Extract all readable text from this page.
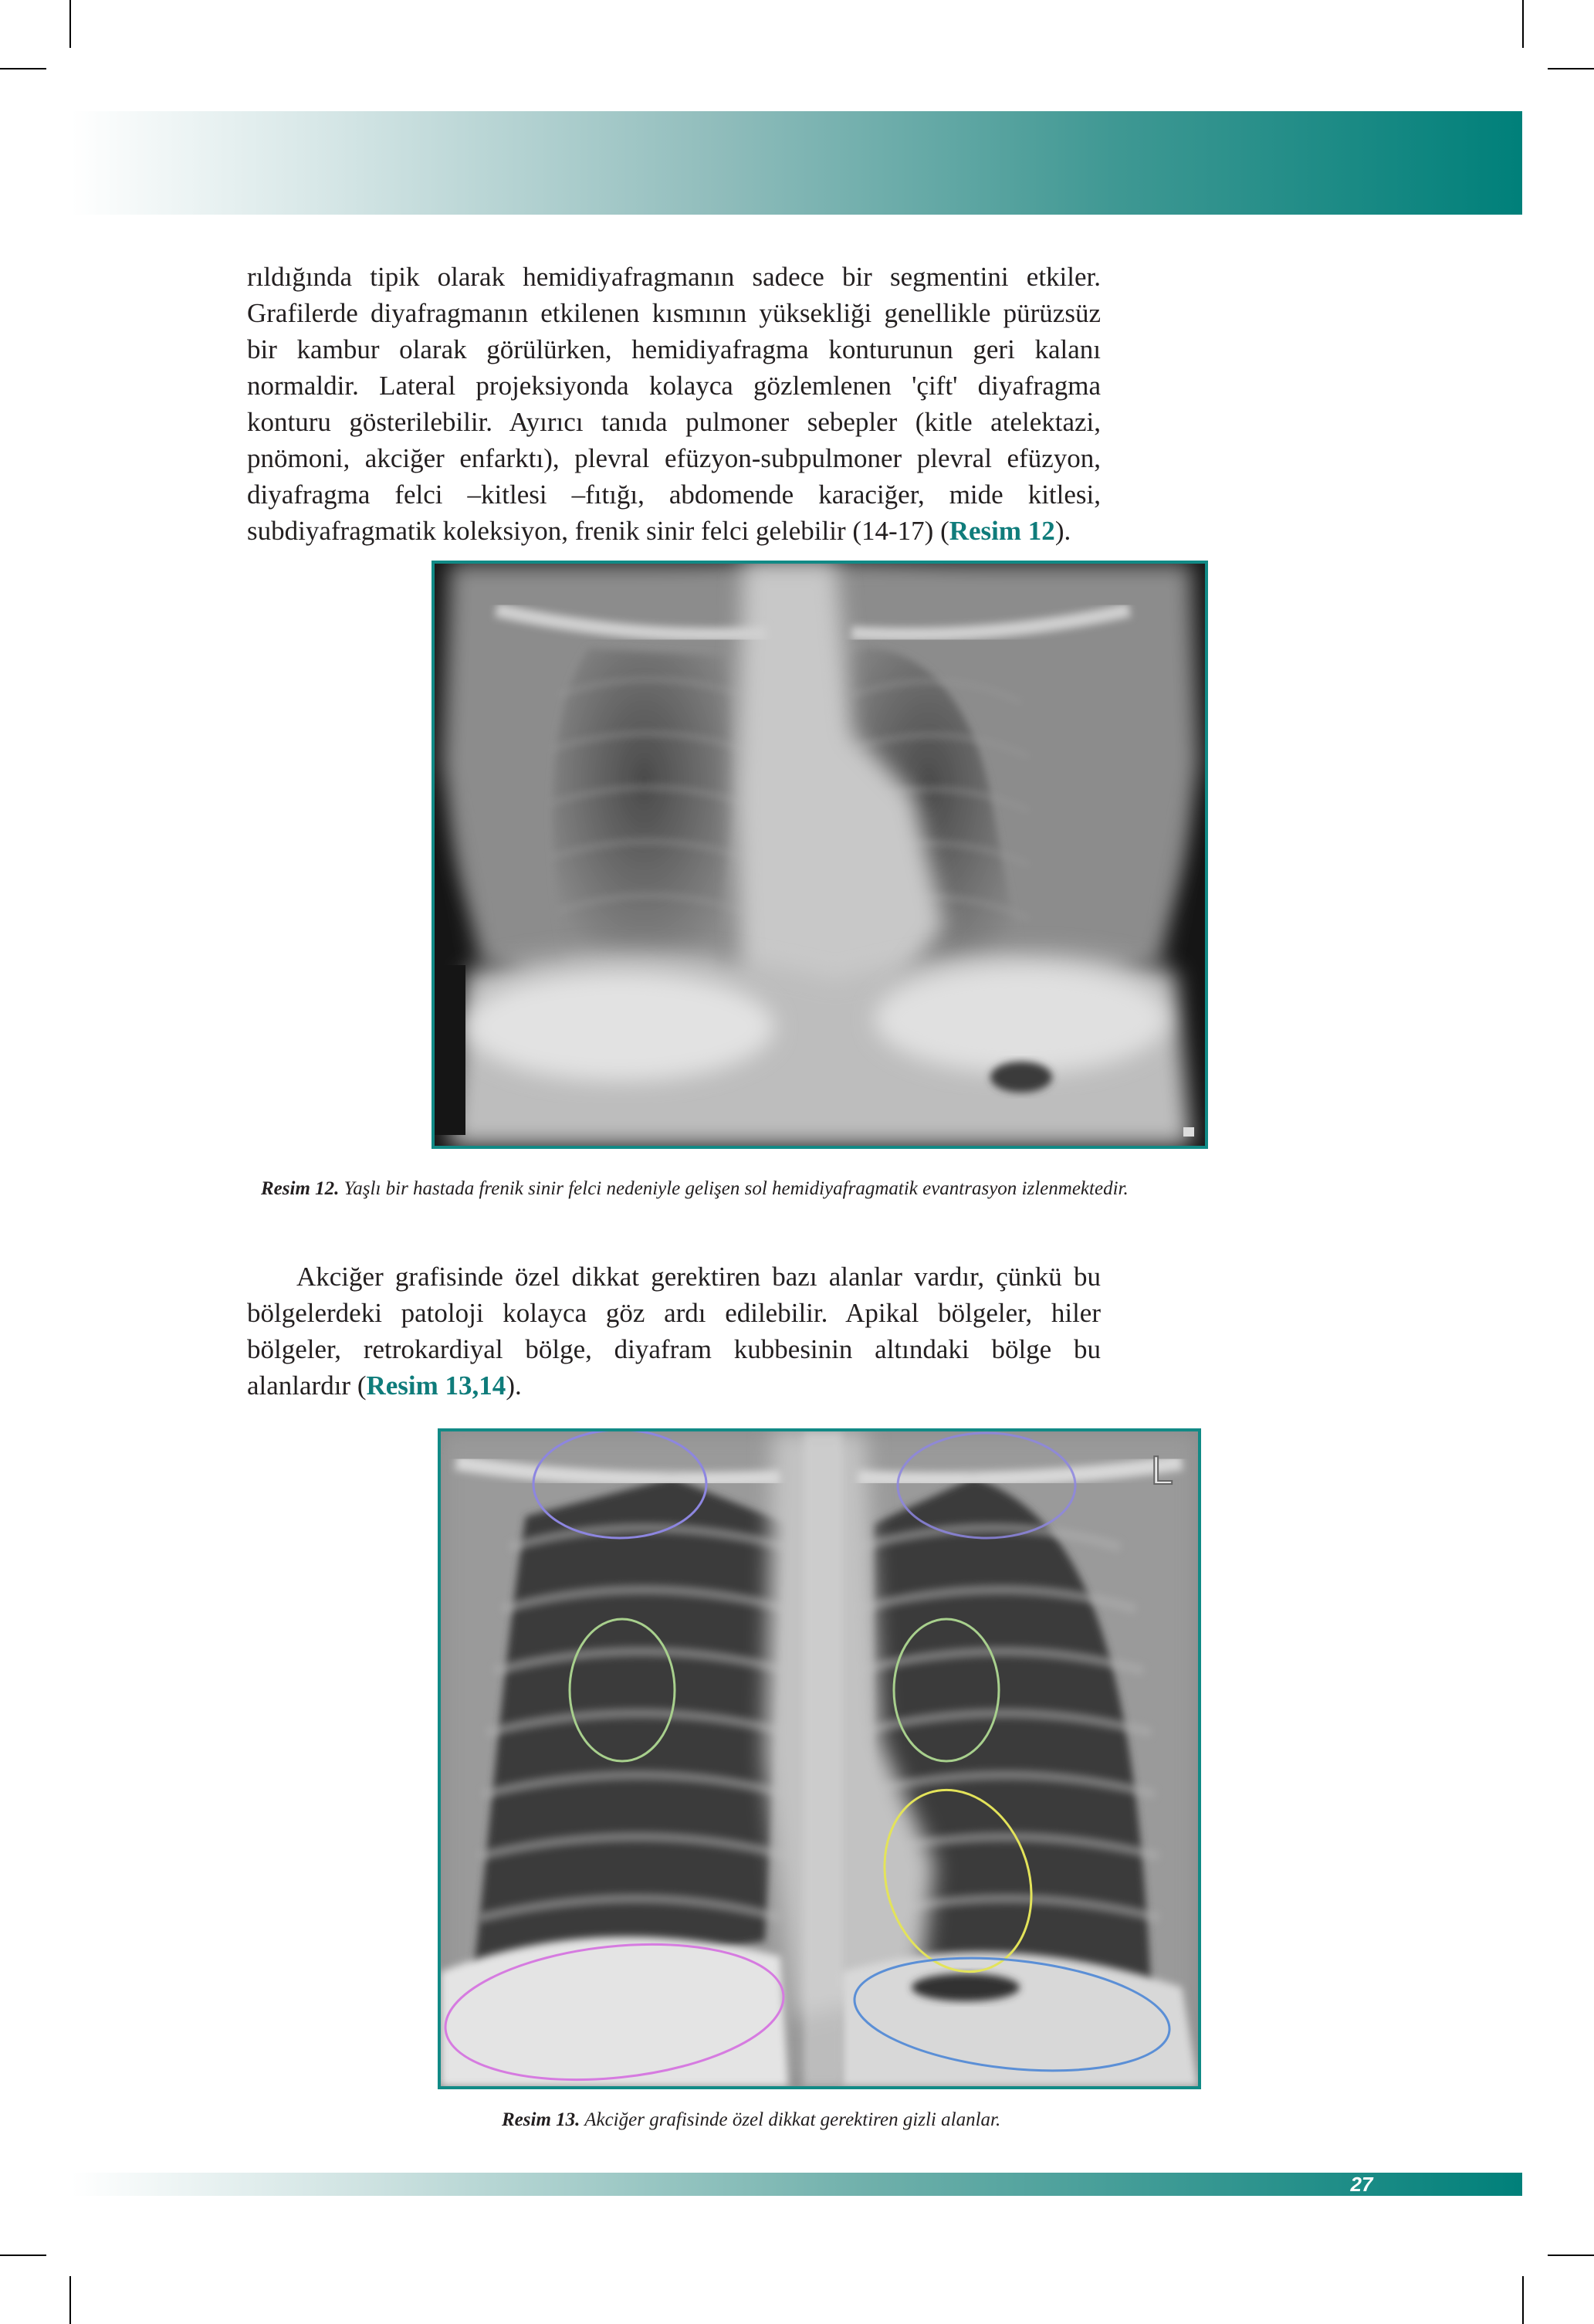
rıldığında tipik olarak hemidiyafragmanın sadece bir segmentini etkiler. Grafilerde diyafragmanın etkilenen kısmının yüksekliği genellikle pürüzsüz bir kambur olarak görülürken, hemidiyafragma konturunun geri kalanı normaldir. Lateral projeksiyonda kolayca gözlemlenen 'çift' diyafragma konturu gösterilebilir. Ayırıcı tanıda pulmoner sebepler (kitle atelektazi, pnömoni, akciğer enfarktı), plevral efüzyon-subpulmoner plevral efüzyon, diyafragma felci –kitlesi –fıtığı, abdomende karaciğer, mide kitlesi, subdiyafragmatik koleksiyon, frenik sinir felci gelebilir (14-17) (Resim 12).

Resim 12. Yaşlı bir hastada frenik sinir felci nedeniyle gelişen sol hemidiyafragmatik evantrasyon izlenmektedir.

Akciğer grafisinde özel dikkat gerektiren bazı alanlar vardır, çünkü bu bölgelerdeki patoloji kolayca göz ardı edilebilir. Apikal bölgeler, hiler bölgeler, retrokardiyal bölge, diyafram kubbesinin altındaki bölge bu alanlardır (Resim 13,14).

L

Resim 13. Akciğer grafisinde özel dikkat gerektiren gizli alanlar.

27
